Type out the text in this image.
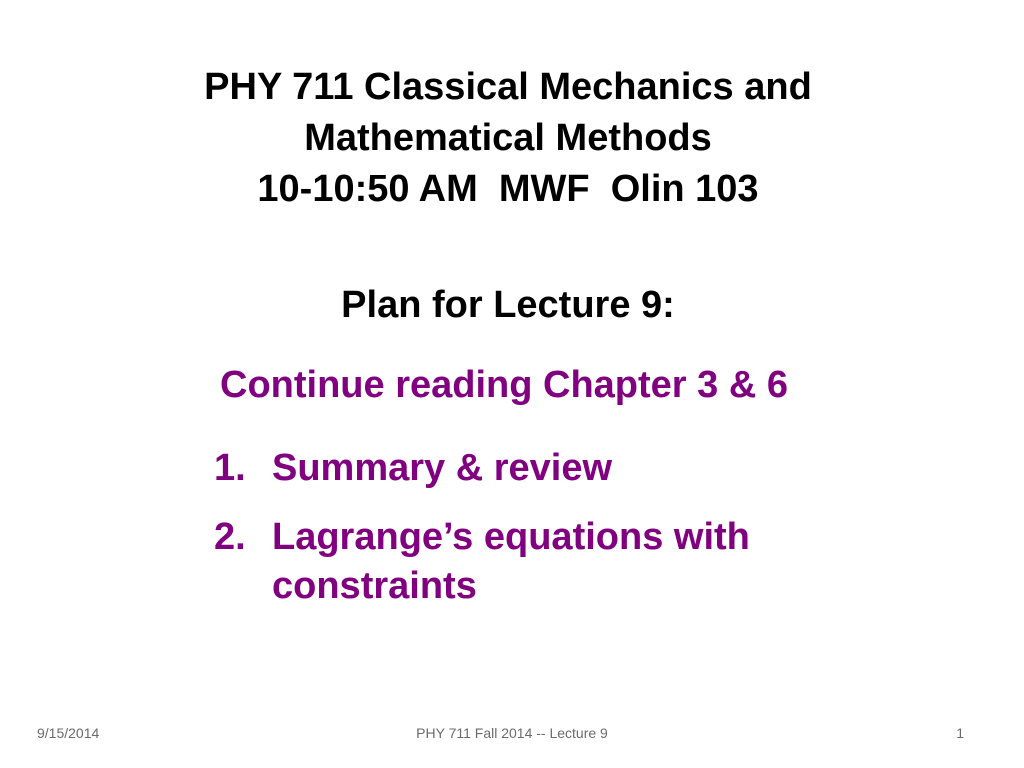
PHY 711 Classical Mechanics and
Mathematical Methods
10-10:50 AM  MWF  Olin 103
Plan for Lecture 9:
Continue reading Chapter 3 & 6
1. Summary & review
2. Lagrange’s equations with constraints
9/15/2014	PHY 711 Fall 2014 -- Lecture 9	1
